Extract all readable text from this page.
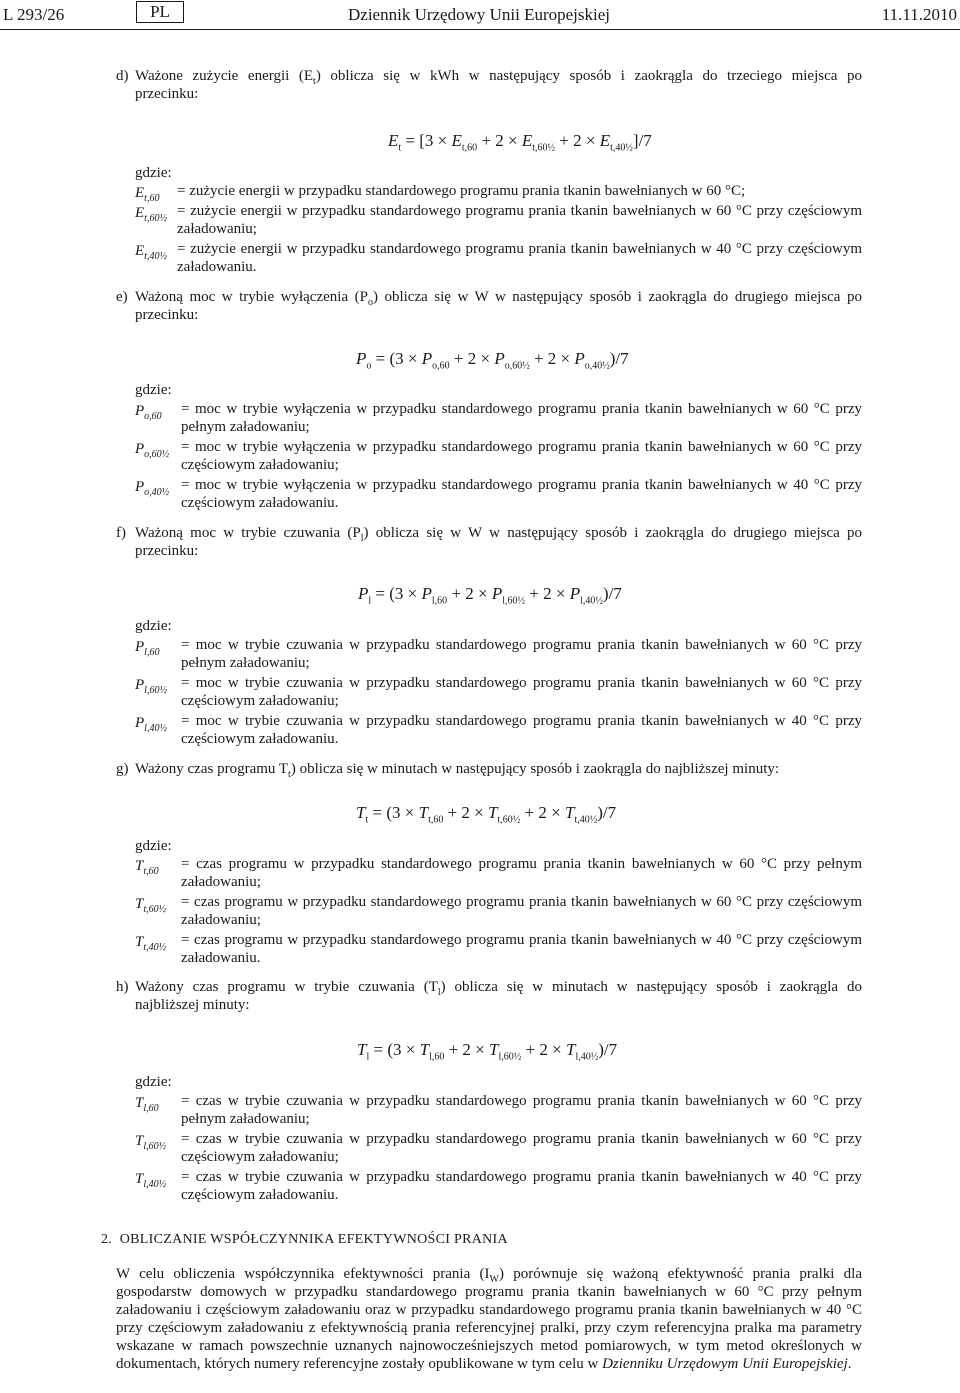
L 293/26	PL	Dziennik Urzędowy Unii Europejskiej	11.11.2010
d) Ważone zużycie energii $(E_t)$ oblicza się w kWh w następujący sposób i zaokrągla do trzeciego miejsca po
przecinku:
$E_t = [3 \times E_{t,60} + 2 \times E_{t,60\frac{1}{2}} + 2 \times E_{t,40\frac{1}{2}}]/7$
gdzie:
$E_{t,60}$ = zużycie energii w przypadku standardowego programu prania tkanin bawełnianych w 60 °C;
$E_{t,60\frac{1}{2}}$ = zużycie energii w przypadku standardowego programu prania tkanin bawełnianych w 60 °C przy częściowym załadowaniu;
$E_{t,40\frac{1}{2}}$ = zużycie energii w przypadku standardowego programu prania tkanin bawełnianych w 40 °C przy częściowym załadowaniu.
e) Ważoną moc w trybie wyłączenia $(P_o)$ oblicza się w W w następujący sposób i zaokrągla do drugiego miejsca po
przecinku:
$P_o = (3 \times P_{o,60} + 2 \times P_{o,60\frac{1}{2}} + 2 \times P_{o,40\frac{1}{2}})/7$
gdzie:
$P_{o,60}$ = moc w trybie wyłączenia w przypadku standardowego programu prania tkanin bawełnianych w 60 °C przy pełnym załadowaniu;
$P_{o,60\frac{1}{2}}$ = moc w trybie wyłączenia w przypadku standardowego programu prania tkanin bawełnianych w 60 °C przy częściowym załadowaniu;
$P_{o,40\frac{1}{2}}$ = moc w trybie wyłączenia w przypadku standardowego programu prania tkanin bawełnianych w 40 °C przy częściowym załadowaniu.
f) Ważoną moc w trybie czuwania $(P_l)$ oblicza się w W w następujący sposób i zaokrągla do drugiego miejsca po
przecinku:
$P_l = (3 \times P_{l,60} + 2 \times P_{l,60\frac{1}{2}} + 2 \times P_{l,40\frac{1}{2}})/7$
gdzie:
$P_{l,60}$ = moc w trybie czuwania w przypadku standardowego programu prania tkanin bawełnianych w 60 °C przy pełnym załadowaniu;
$P_{l,60\frac{1}{2}}$ = moc w trybie czuwania w przypadku standardowego programu prania tkanin bawełnianych w 60 °C przy częściowym załadowaniu;
$P_{l,40\frac{1}{2}}$ = moc w trybie czuwania w przypadku standardowego programu prania tkanin bawełnianych w 40 °C przy częściowym załadowaniu.
g) Ważony czas programu $T_t$) oblicza się w minutach w następujący sposób i zaokrągla do najbliższej minuty:
$T_t = (3 \times T_{t,60} + 2 \times T_{t,60\frac{1}{2}} + 2 \times T_{t,40\frac{1}{2}})/7$
gdzie:
$T_{t,60}$ = czas programu w przypadku standardowego programu prania tkanin bawełnianych w 60 °C przy pełnym załadowaniu;
$T_{t,60\frac{1}{2}}$ = czas programu w przypadku standardowego programu prania tkanin bawełnianych w 60 °C przy częściowym załadowaniu;
$T_{t,40\frac{1}{2}}$ = czas programu w przypadku standardowego programu prania tkanin bawełnianych w 40 °C przy częściowym załadowaniu.
h) Ważony czas programu w trybie czuwania $(T_l)$ oblicza się w minutach w następujący sposób i zaokrągla do
najbliższej minuty:
$T_l = (3 \times T_{l,60} + 2 \times T_{l,60\frac{1}{2}} + 2 \times T_{l,40\frac{1}{2}})/7$
gdzie:
$T_{l,60}$ = czas w trybie czuwania w przypadku standardowego programu prania tkanin bawełnianych w 60 °C przy pełnym załadowaniu;
$T_{l,60\frac{1}{2}}$ = czas w trybie czuwania w przypadku standardowego programu prania tkanin bawełnianych w 60 °C przy częściowym załadowaniu;
$T_{l,40\frac{1}{2}}$ = czas w trybie czuwania w przypadku standardowego programu prania tkanin bawełnianych w 40 °C przy częściowym załadowaniu.
2. OBLICZANIE WSPÓŁCZYNNIKA EFEKTYWNOŚCI PRANIA
W celu obliczenia współczynnika efektywności prania $(I_W)$ porównuje się ważoną efektywność prania pralki dla gospodarstw domowych w przypadku standardowego programu prania tkanin bawełnianych w 60 °C przy pełnym załadowaniu i częściowym załadowaniu oraz w przypadku standardowego programu prania tkanin bawełnianych w 40 °C przy częściowym załadowaniu z efektywnością prania referencyjnej pralki, przy czym referencyjna pralka ma parametry wskazane w ramach powszechnie uznanych najnowocześniejszych metod pomiarowych, w tym metod określonych w dokumentach, których numery referencyjne zostały opublikowane w tym celu w Dzienniku Urzędowym Unii Europejskiej.
